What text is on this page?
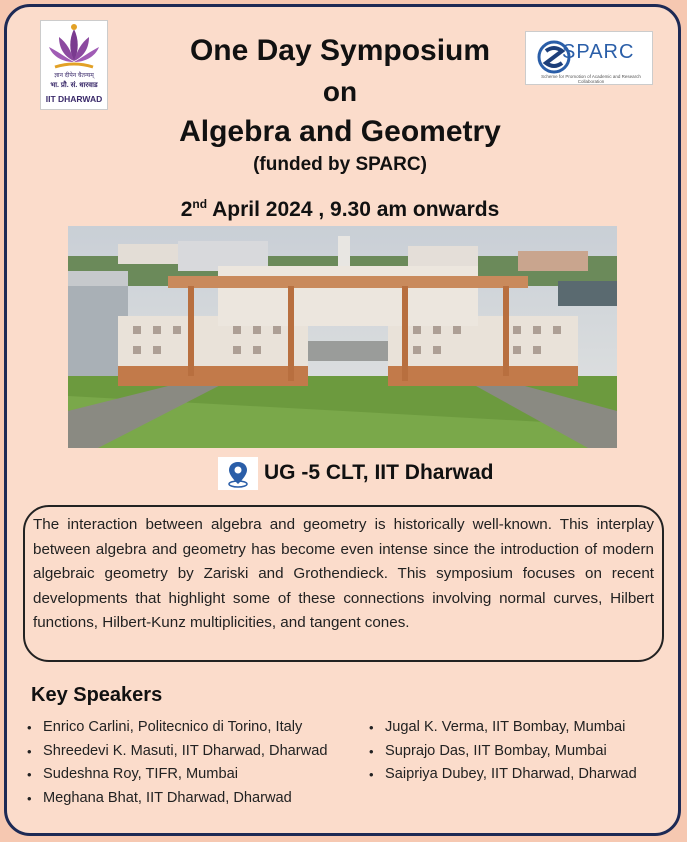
ज्ञान दीपेन चैतन्यम्
भा. प्रौ. सं. धारवाड
IIT DHARWAD
SPARC
Scheme for Promotion of Academic and Research Collaboration
One Day Symposium
on
Algebra and Geometry
(funded by SPARC)
2nd April 2024 , 9.30 am onwards
UG -5 CLT, IIT Dharwad

The interaction between algebra and geometry is historically well-known. This interplay between algebra and geometry has become even intense since the introduction of modern algebraic geometry by Zariski and Grothendieck. This symposium focuses on recent developments that highlight some of these connections involving normal curves, Hilbert functions, Hilbert-Kunz multiplicities, and tangent cones.

Key Speakers
• Enrico Carlini, Politecnico di Torino, Italy
• Shreedevi K. Masuti, IIT Dharwad, Dharwad
• Sudeshna Roy, TIFR, Mumbai
• Meghana Bhat, IIT Dharwad, Dharwad
• Jugal K. Verma, IIT Bombay, Mumbai
• Suprajo Das, IIT Bombay, Mumbai
• Saipriya Dubey, IIT Dharwad, Dharwad
